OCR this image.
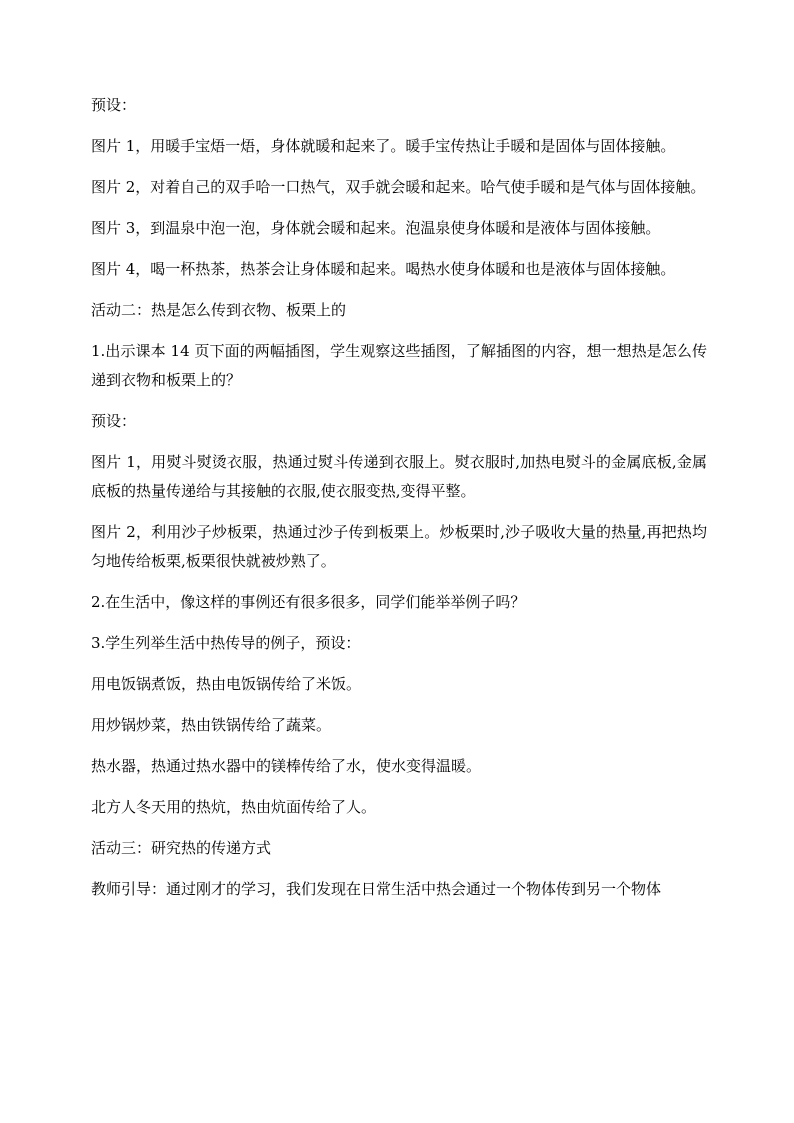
预设：

图片 1，用暖手宝焐一焐，身体就暖和起来了。暖手宝传热让手暖和是固体与固体接触。

图片 2，对着自己的双手哈一口热气，双手就会暖和起来。哈气使手暖和是气体与固体接触。

图片 3，到温泉中泡一泡，身体就会暖和起来。泡温泉使身体暖和是液体与固体接触。

图片 4，喝一杯热茶，热茶会让身体暖和起来。喝热水使身体暖和也是液体与固体接触。

活动二：热是怎么传到衣物、板栗上的

1.出示课本 14 页下面的两幅插图，学生观察这些插图，了解插图的内容，想一想热是怎么传递到衣物和板栗上的？

预设：

图片 1，用熨斗熨烫衣服，热通过熨斗传递到衣服上。熨衣服时,加热电熨斗的金属底板,金属底板的热量传递给与其接触的衣服,使衣服变热,变得平整。

图片 2，利用沙子炒板栗，热通过沙子传到板栗上。炒板栗时,沙子吸收大量的热量,再把热均匀地传给板栗,板栗很快就被炒熟了。

2.在生活中，像这样的事例还有很多很多，同学们能举举例子吗？

3.学生列举生活中热传导的例子，预设：

用电饭锅煮饭，热由电饭锅传给了米饭。

用炒锅炒菜，热由铁锅传给了蔬菜。

热水器，热通过热水器中的镁棒传给了水，使水变得温暖。

北方人冬天用的热炕，热由炕面传给了人。

活动三：研究热的传递方式

教师引导：通过刚才的学习，我们发现在日常生活中热会通过一个物体传到另一个物体
